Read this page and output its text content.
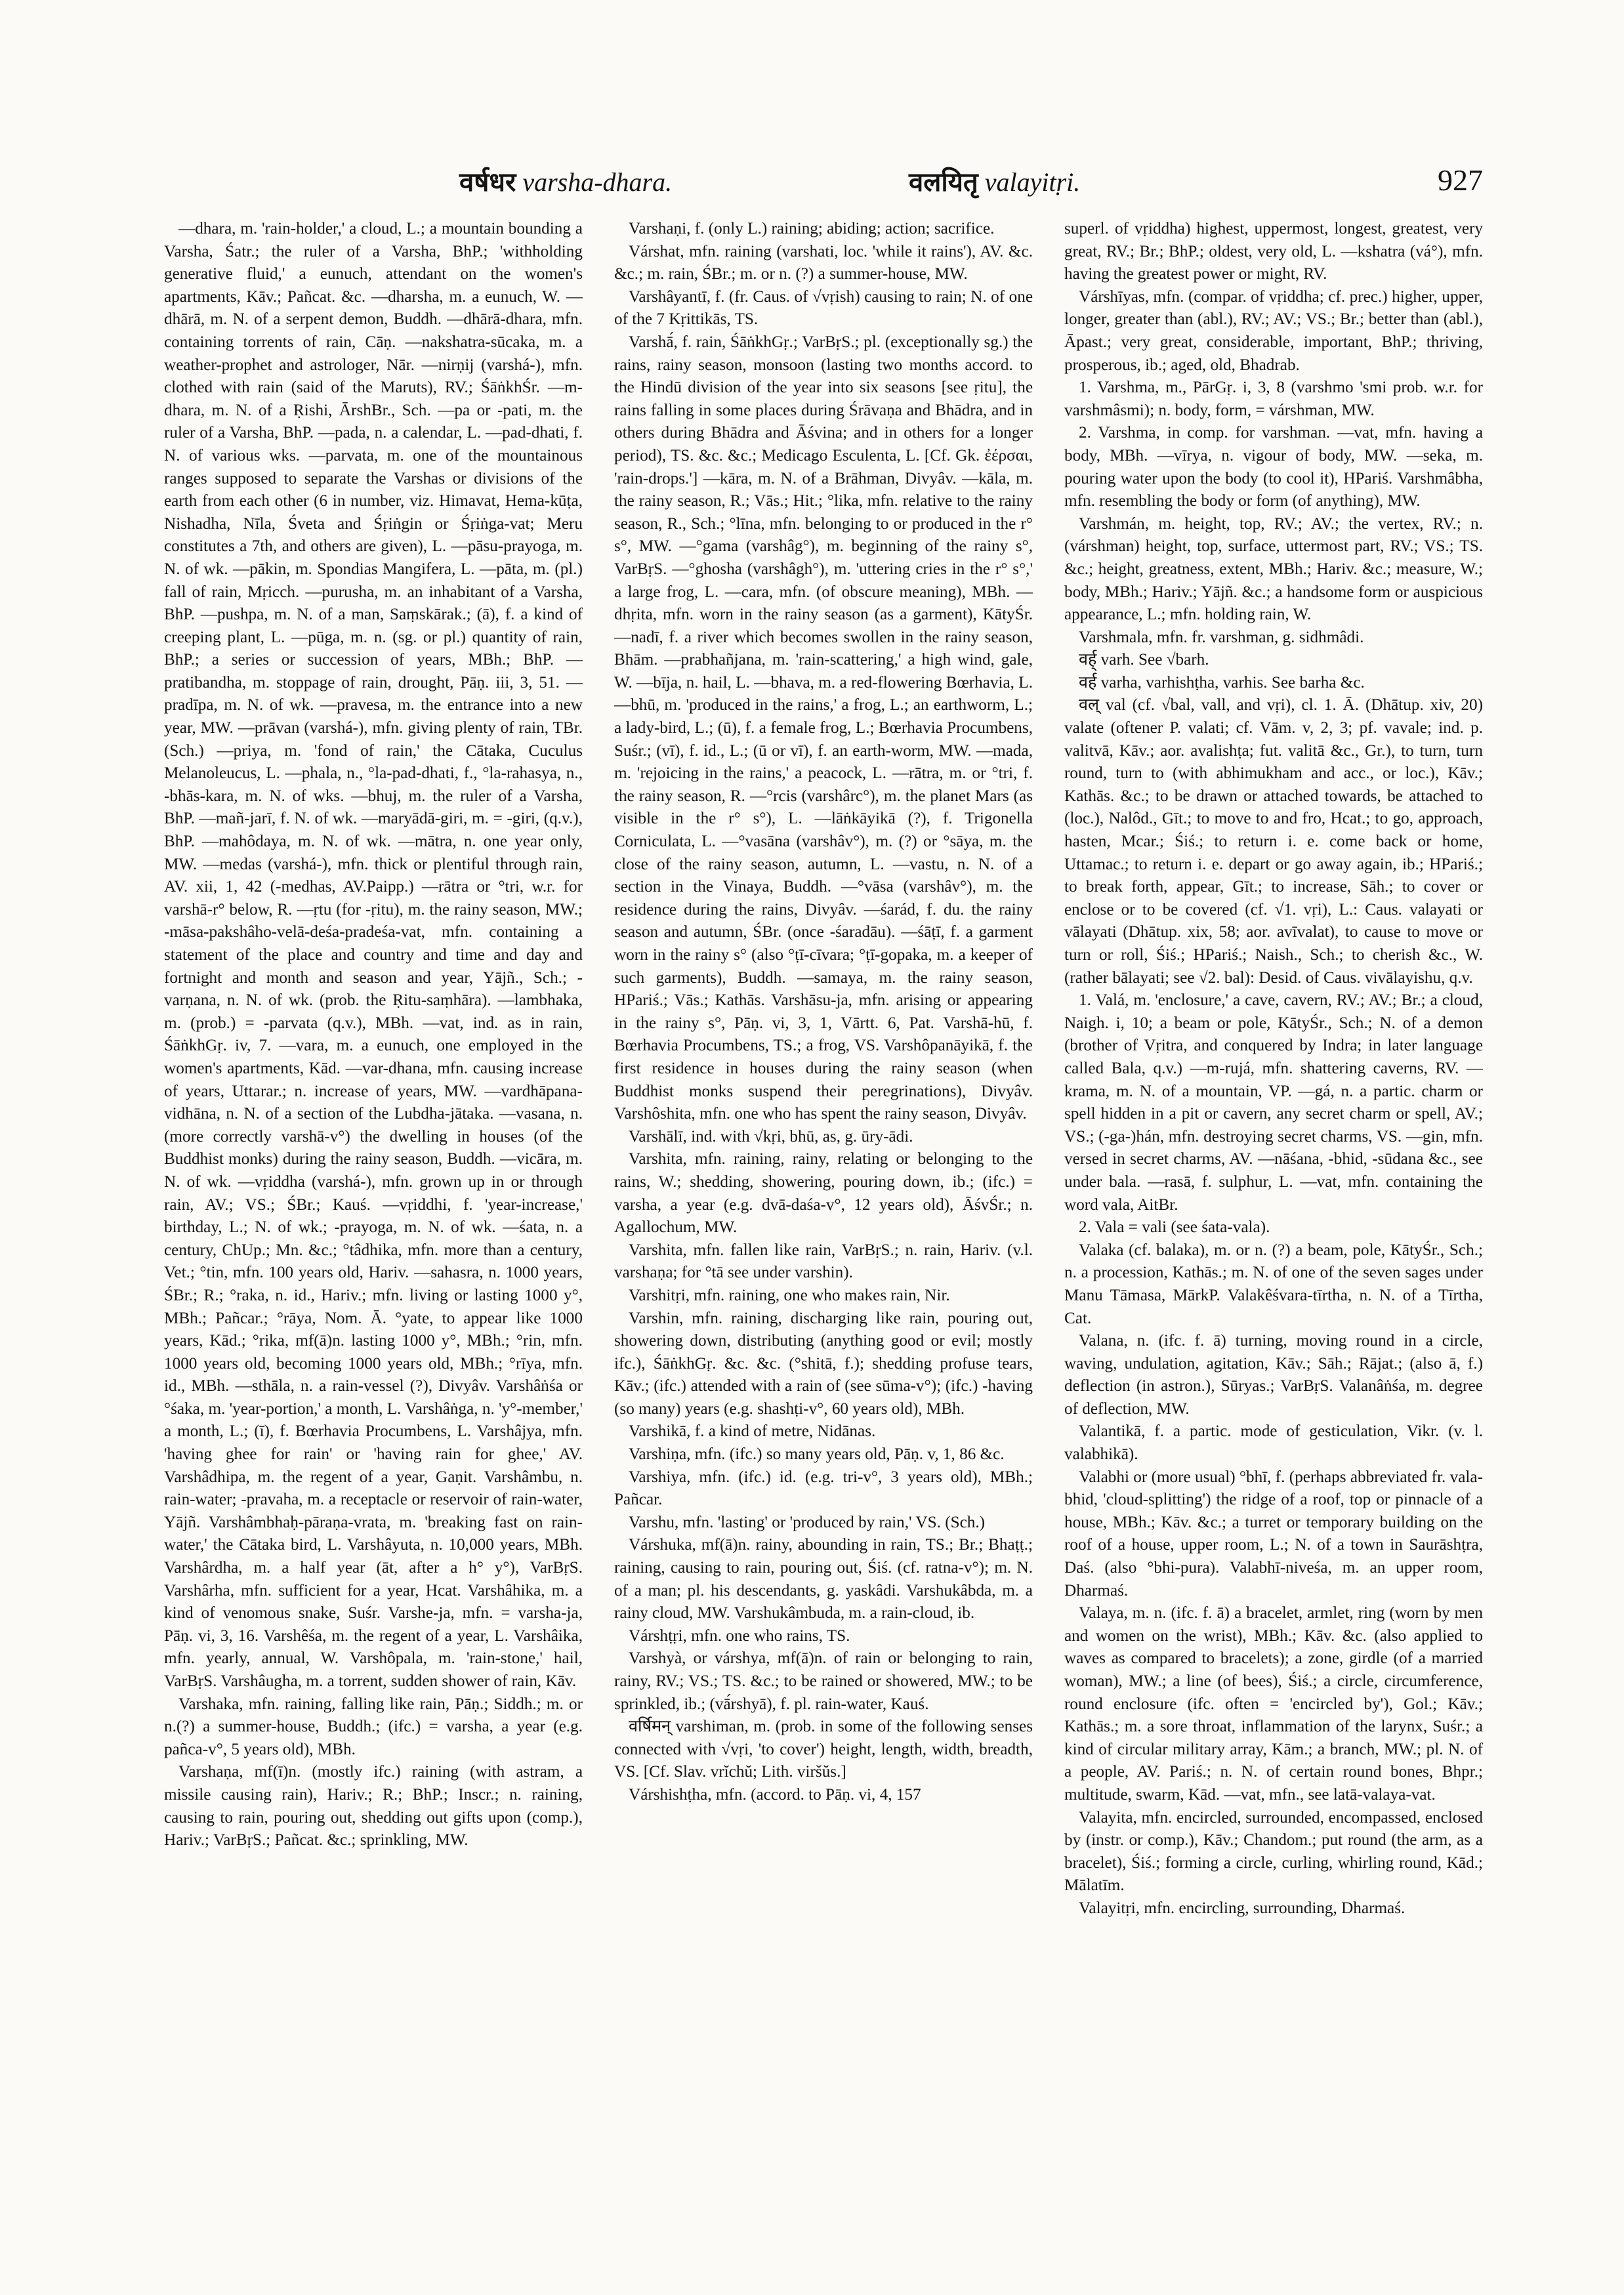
वर्षधर varsha-dhara.	वलयितृ valayitṛi.	927

—dhara, m. 'rain-holder,' a cloud, L.; a mountain bounding a Varsha, Śatr.; the ruler of a Varsha, BhP.; 'withholding generative fluid,' a eunuch, attendant on the women's apartments, Kāv.; Pañcat. &c. —dharsha, m. a eunuch, W. —dhārā, m. N. of a serpent demon, Buddh. —dhārā-dhara, mfn. containing torrents of rain, Cāṇ. —nakshatra-sūcaka, m. a weather-prophet and astrologer, Nār. —nirṇij (varshá-), mfn. clothed with rain (said of the Maruts), RV.; ŚāṅkhŚr. —m-dhara, m. N. of a Ṛishi, ĀrshBr., Sch. —pa or -pati, m. the ruler of a Varsha, BhP. —pada, n. a calendar, L. —pad-dhati, f. N. of various wks. —parvata, m. one of the mountainous ranges supposed to separate the Varshas or divisions of the earth from each other (6 in number, viz. Himavat, Hema-kūṭa, Nishadha, Nīla, Śveta and Śṛiṅgin or Śṛiṅga-vat; Meru constitutes a 7th, and others are given), L. —pāsu-prayoga, m. N. of wk. —pākin, m. Spondias Mangifera, L. —pāta, m. (pl.) fall of rain, Mṛicch. —purusha, m. an inhabitant of a Varsha, BhP. —pushpa, m. N. of a man, Saṃskārak.; (ā), f. a kind of creeping plant, L. —pūga, m. n. (sg. or pl.) quantity of rain, BhP.; a series or succession of years, MBh.; BhP. —pratibandha, m. stoppage of rain, drought, Pāṇ. iii, 3, 51. —pradīpa, m. N. of wk. —pravesa, m. the entrance into a new year, MW. —prāvan (varshá-), mfn. giving plenty of rain, TBr. (Sch.) —priya, m. 'fond of rain,' the Cātaka, Cuculus Melanoleucus, L. —phala, n., °la-pad-dhati, f., °la-rahasya, n., -bhās-kara, m. N. of wks. —bhuj, m. the ruler of a Varsha, BhP. —mañ-jarī, f. N. of wk. —maryādā-giri, m. = -giri, (q.v.), BhP. —mahôdaya, m. N. of wk. —mātra, n. one year only, MW. —medas (varshá-), mfn. thick or plentiful through rain, AV. xii, 1, 42 (-medhas, AV.Paipp.) —rātra or °tri, w.r. for varshā-r° below, R. —ṛtu (for -ṛitu), m. the rainy season, MW.; -māsa-pakshâho-velā-deśa-pradeśa-vat, mfn. containing a statement of the place and country and time and day and fortnight and month and season and year, Yājñ., Sch.; -varṇana, n. N. of wk. (prob. the Ṛitu-saṃhāra). —lambhaka, m. (prob.) = -parvata (q.v.), MBh. —vat, ind. as in rain, ŚāṅkhGṛ. iv, 7. —vara, m. a eunuch, one employed in the women's apartments, Kād. —var-dhana, mfn. causing increase of years, Uttarar.; n. increase of years, MW. —vardhāpana-vidhāna, n. N. of a section of the Lubdha-jātaka. —vasana, n. (more correctly varshā-v°) the dwelling in houses (of the Buddhist monks) during the rainy season, Buddh. —vicāra, m. N. of wk. —vṛiddha (varshá-), mfn. grown up in or through rain, AV.; VS.; ŚBr.; Kauś. —vṛiddhi, f. 'year-increase,' birthday, L.; N. of wk.; -prayoga, m. N. of wk. —śata, n. a century, ChUp.; Mn. &c.; °tâdhika, mfn. more than a century, Vet.; °tin, mfn. 100 years old, Hariv. —sahasra, n. 1000 years, ŚBr.; R.; °raka, n. id., Hariv.; mfn. living or lasting 1000 y°, MBh.; Pañcar.; °rāya, Nom. Ā. °yate, to appear like 1000 years, Kād.; °rika, mf(ā)n. lasting 1000 y°, MBh.; °rin, mfn. 1000 years old, becoming 1000 years old, MBh.; °rīya, mfn. id., MBh. —sthāla, n. a rain-vessel (?), Divyâv. Varshâṅśa or °śaka, m. 'year-portion,' a month, L. Varshâṅga, n. 'y°-member,' a month, L.; (ī), f. Bœrhavia Procumbens, L. Varshâjya, mfn. 'having ghee for rain' or 'having rain for ghee,' AV. Varshâdhipa, m. the regent of a year, Gaṇit. Varshâmbu, n. rain-water; -pravaha, m. a receptacle or reservoir of rain-water, Yājñ. Varshâmbhaḥ-pāraṇa-vrata, m. 'breaking fast on rain-water,' the Cātaka bird, L. Varshâyuta, n. 10,000 years, MBh. Varshârdha, m. a half year (āt, after a h° y°), VarBṛS. Varshârha, mfn. sufficient for a year, Hcat. Varshâhika, m. a kind of venomous snake, Suśr. Varshe-ja, mfn. = varsha-ja, Pāṇ. vi, 3, 16. Varshêśa, m. the regent of a year, L. Varshâika, mfn. yearly, annual, W. Varshôpala, m. 'rain-stone,' hail, VarBṛS. Varshâugha, m. a torrent, sudden shower of rain, Kāv.

Varshaka, mfn. raining, falling like rain, Pāṇ.; Siddh.; m. or n.(?) a summer-house, Buddh.; (ifc.) = varsha, a year (e.g. pañca-v°, 5 years old), MBh.

Varshaṇa, mf(ī)n. (mostly ifc.) raining (with astram, a missile causing rain), Hariv.; R.; BhP.; Inscr.; n. raining, causing to rain, pouring out, shedding out gifts upon (comp.), Hariv.; VarBṛS.; Pañcat. &c.; sprinkling, MW.

Varshaṇi, f. (only L.) raining; abiding; action; sacrifice.

Várshat, mfn. raining (varshati, loc. 'while it rains'), AV. &c. &c.; m. rain, ŚBr.; m. or n. (?) a summer-house, MW.

Varshâyantī, f. (fr. Caus. of √vṛish) causing to rain; N. of one of the 7 Kṛittikās, TS.

Varshā́, f. rain, ŚāṅkhGṛ.; VarBṛS.; pl. (exceptionally sg.) the rains, rainy season, monsoon (lasting two months accord. to the Hindū division of the year into six seasons [see ṛitu], the rains falling in some places during Śrāvaṇa and Bhādra, and in others during Bhādra and Āśvina; and in others for a longer period), TS. &c. &c.; Medicago Esculenta, L. [Cf. Gk. ἐέρσαι, 'rain-drops.'] —kāra, m. N. of a Brāhman, Divyâv. —kāla, m. the rainy season, R.; Vās.; Hit.; °lika, mfn. relative to the rainy season, R., Sch.; °līna, mfn. belonging to or produced in the r° s°, MW. —°gama (varshâg°), m. beginning of the rainy s°, VarBṛS. —°ghosha (varshâgh°), m. 'uttering cries in the r° s°,' a large frog, L. —cara, mfn. (of obscure meaning), MBh. —dhṛita, mfn. worn in the rainy season (as a garment), KātyŚr. —nadī, f. a river which becomes swollen in the rainy season, Bhām. —prabhañjana, m. 'rain-scattering,' a high wind, gale, W. —bīja, n. hail, L. —bhava, m. a red-flowering Bœrhavia, L. —bhū, m. 'produced in the rains,' a frog, L.; an earthworm, L.; a lady-bird, L.; (ū), f. a female frog, L.; Bœrhavia Procumbens, Suśr.; (vī), f. id., L.; (ū or vī), f. an earth-worm, MW. —mada, m. 'rejoicing in the rains,' a peacock, L. —rātra, m. or °tri, f. the rainy season, R. —°rcis (varshârc°), m. the planet Mars (as visible in the r° s°), L. —lāṅkāyikā (?), f. Trigonella Corniculata, L. —°vasāna (varshâv°), m. (?) or °sāya, m. the close of the rainy season, autumn, L. —vastu, n. N. of a section in the Vinaya, Buddh. —°vāsa (varshâv°), m. the residence during the rains, Divyâv. —śarád, f. du. the rainy season and autumn, ŚBr. (once -śaradāu). —śāṭī, f. a garment worn in the rainy s° (also °ṭī-cīvara; °ṭī-gopaka, m. a keeper of such garments), Buddh. —samaya, m. the rainy season, HPariś.; Vās.; Kathās. Varshāsu-ja, mfn. arising or appearing in the rainy s°, Pāṇ. vi, 3, 1, Vārtt. 6, Pat. Varshā-hū, f. Bœrhavia Procumbens, TS.; a frog, VS. Varshôpanāyikā, f. the first residence in houses during the rainy season (when Buddhist monks suspend their peregrinations), Divyâv. Varshôshita, mfn. one who has spent the rainy season, Divyâv.

Varshālī, ind. with √kṛi, bhū, as, g. ūry-ādi.

Varshita, mfn. raining, rainy, relating or belonging to the rains, W.; shedding, showering, pouring down, ib.; (ifc.) = varsha, a year (e.g. dvā-daśa-v°, 12 years old), ĀśvŚr.; n. Agallochum, MW.

Varshita, mfn. fallen like rain, VarBṛS.; n. rain, Hariv. (v.l. varshaṇa; for °tā see under varshin).

Varshitṛi, mfn. raining, one who makes rain, Nir.

Varshin, mfn. raining, discharging like rain, pouring out, showering down, distributing (anything good or evil; mostly ifc.), ŚāṅkhGṛ. &c. &c. (°shitā, f.); shedding profuse tears, Kāv.; (ifc.) attended with a rain of (see sūma-v°); (ifc.) -having (so many) years (e.g. shashṭi-v°, 60 years old), MBh.

Varshikā, f. a kind of metre, Nidānas.

Varshiṇa, mfn. (ifc.) so many years old, Pāṇ. v, 1, 86 &c.

Varshiya, mfn. (ifc.) id. (e.g. tri-v°, 3 years old), MBh.; Pañcar.

Varshu, mfn. 'lasting' or 'produced by rain,' VS. (Sch.)

Várshuka, mf(ā)n. rainy, abounding in rain, TS.; Br.; Bhaṭṭ.; raining, causing to rain, pouring out, Śiś. (cf. ratna-v°); m. N. of a man; pl. his descendants, g. yaskâdi. Varshukâbda, m. a rainy cloud, MW. Varshukâmbuda, m. a rain-cloud, ib.

Várshṭṛi, mfn. one who rains, TS.

Varshyà, or várshya, mf(ā)n. of rain or belonging to rain, rainy, RV.; VS.; TS. &c.; to be rained or showered, MW.; to be sprinkled, ib.; (vā́rshyā), f. pl. rain-water, Kauś.

वर्षिमन् varshiman, m. (prob. in some of the following senses connected with √vṛi, 'to cover') height, length, width, breadth, VS. [Cf. Slav. vrĭchŭ; Lith. viršŭs.]

Várshishṭha, mfn. (accord. to Pāṇ. vi, 4, 157

superl. of vṛiddha) highest, uppermost, longest, greatest, very great, RV.; Br.; BhP.; oldest, very old, L. —kshatra (vá°), mfn. having the greatest power or might, RV.

Várshīyas, mfn. (compar. of vṛiddha; cf. prec.) higher, upper, longer, greater than (abl.), RV.; AV.; VS.; Br.; better than (abl.), Āpast.; very great, considerable, important, BhP.; thriving, prosperous, ib.; aged, old, Bhadrab.

1. Varshma, m., PārGṛ. i, 3, 8 (varshmo 'smi prob. w.r. for varshmâsmi); n. body, form, = várshman, MW.

2. Varshma, in comp. for varshman. —vat, mfn. having a body, MBh. —vīrya, n. vigour of body, MW. —seka, m. pouring water upon the body (to cool it), HPariś. Varshmâbha, mfn. resembling the body or form (of anything), MW.

Varshmán, m. height, top, RV.; AV.; the vertex, RV.; n. (várshman) height, top, surface, uttermost part, RV.; VS.; TS. &c.; height, greatness, extent, MBh.; Hariv. &c.; measure, W.; body, MBh.; Hariv.; Yājñ. &c.; a handsome form or auspicious appearance, L.; mfn. holding rain, W.

Varshmala, mfn. fr. varshman, g. sidhmâdi.

वर्ह् varh. See √barh.

वर्ह varha, varhishṭha, varhis. See barha &c.

वल् val (cf. √bal, vall, and vṛi), cl. 1. Ā. (Dhātup. xiv, 20) valate (oftener P. valati; cf. Vām. v, 2, 3; pf. vavale; ind. p. valitvā, Kāv.; aor. avalishṭa; fut. valitā &c., Gr.), to turn, turn round, turn to (with abhimukham and acc., or loc.), Kāv.; Kathās. &c.; to be drawn or attached towards, be attached to (loc.), Nalôd., Gīt.; to move to and fro, Hcat.; to go, approach, hasten, Mcar.; Śiś.; to return i. e. come back or home, Uttamac.; to return i. e. depart or go away again, ib.; HPariś.; to break forth, appear, Gīt.; to increase, Sāh.; to cover or enclose or to be covered (cf. √1. vṛi), L.: Caus. valayati or vālayati (Dhātup. xix, 58; aor. avīvalat), to cause to move or turn or roll, Śiś.; HPariś.; Naish., Sch.; to cherish &c., W. (rather bālayati; see √2. bal): Desid. of Caus. vivālayishu, q.v.

1. Valá, m. 'enclosure,' a cave, cavern, RV.; AV.; Br.; a cloud, Naigh. i, 10; a beam or pole, KātyŚr., Sch.; N. of a demon (brother of Vṛitra, and conquered by Indra; in later language called Bala, q.v.) —m-rujá, mfn. shattering caverns, RV. —krama, m. N. of a mountain, VP. —gá, n. a partic. charm or spell hidden in a pit or cavern, any secret charm or spell, AV.; VS.; (-ga-)hán, mfn. destroying secret charms, VS. —gin, mfn. versed in secret charms, AV. —nāśana, -bhid, -sūdana &c., see under bala. —rasā, f. sulphur, L. —vat, mfn. containing the word vala, AitBr.

2. Vala = vali (see śata-vala).

Valaka (cf. balaka), m. or n. (?) a beam, pole, KātyŚr., Sch.; n. a procession, Kathās.; m. N. of one of the seven sages under Manu Tāmasa, MārkP. Valakêśvara-tīrtha, n. N. of a Tīrtha, Cat.

Valana, n. (ifc. f. ā) turning, moving round in a circle, waving, undulation, agitation, Kāv.; Sāh.; Rājat.; (also ā, f.) deflection (in astron.), Sūryas.; VarBṛS. Valanâṅśa, m. degree of deflection, MW.

Valantikā, f. a partic. mode of gesticulation, Vikr. (v. l. valabhikā).

Valabhi or (more usual) °bhī, f. (perhaps abbreviated fr. vala-bhid, 'cloud-splitting') the ridge of a roof, top or pinnacle of a house, MBh.; Kāv. &c.; a turret or temporary building on the roof of a house, upper room, L.; N. of a town in Saurāshṭra, Daś. (also °bhi-pura). Valabhī-niveśa, m. an upper room, Dharmaś.

Valaya, m. n. (ifc. f. ā) a bracelet, armlet, ring (worn by men and women on the wrist), MBh.; Kāv. &c. (also applied to waves as compared to bracelets); a zone, girdle (of a married woman), MW.; a line (of bees), Śiś.; a circle, circumference, round enclosure (ifc. often = 'encircled by'), Gol.; Kāv.; Kathās.; m. a sore throat, inflammation of the larynx, Suśr.; a kind of circular military array, Kām.; a branch, MW.; pl. N. of a people, AV. Pariś.; n. N. of certain round bones, Bhpr.; multitude, swarm, Kād. —vat, mfn., see latā-valaya-vat.

Valayita, mfn. encircled, surrounded, encompassed, enclosed by (instr. or comp.), Kāv.; Chandom.; put round (the arm, as a bracelet), Śiś.; forming a circle, curling, whirling round, Kād.; Mālatīm.

Valayitṛi, mfn. encircling, surrounding, Dharmaś.
